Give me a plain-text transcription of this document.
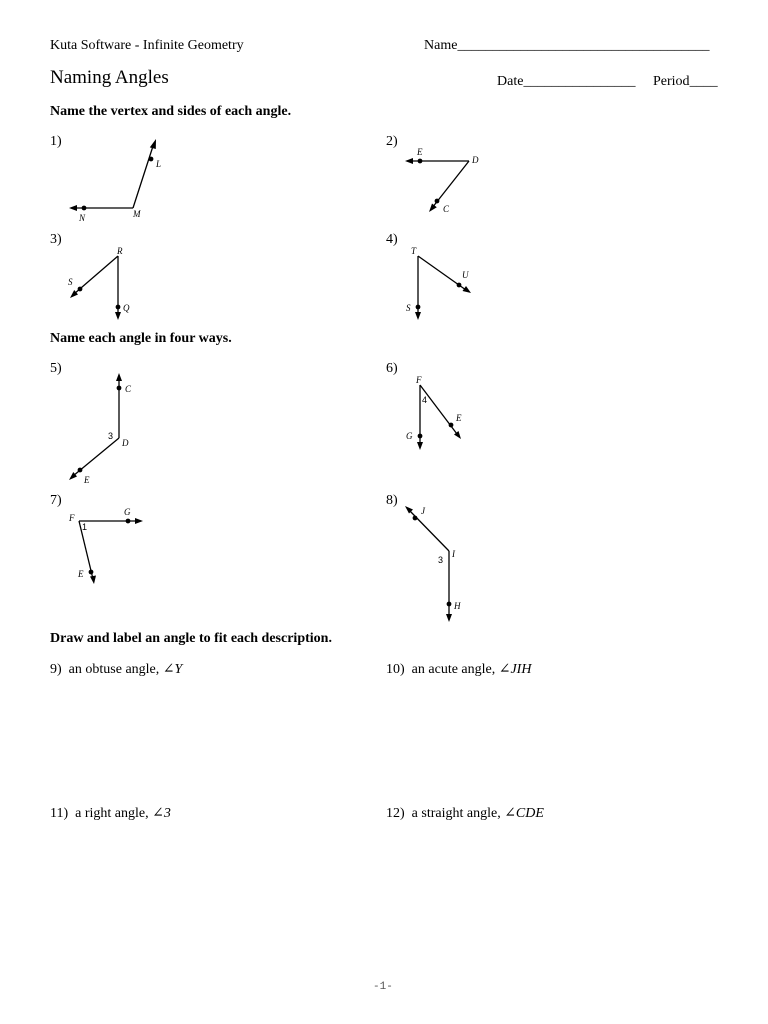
Kuta Software - Infinite Geometry	Name____________________________________
Naming Angles	Date________________ Period____
Name the vertex and sides of each angle.
Name each angle in four ways.
Draw and label an angle to fit each description.
1)	2)
3)	4)
5)	6)
7)	8)
L
N	M
E
D
C
R
S
Q
T
U
S
C
D
E
3
F
E
G
4
F
G
E
1
J
I
H
3
9) an obtuse angle, ∠Y	10) an acute angle, ∠JIH
11) a right angle, ∠3	12) a straight angle, ∠CDE
-1-
